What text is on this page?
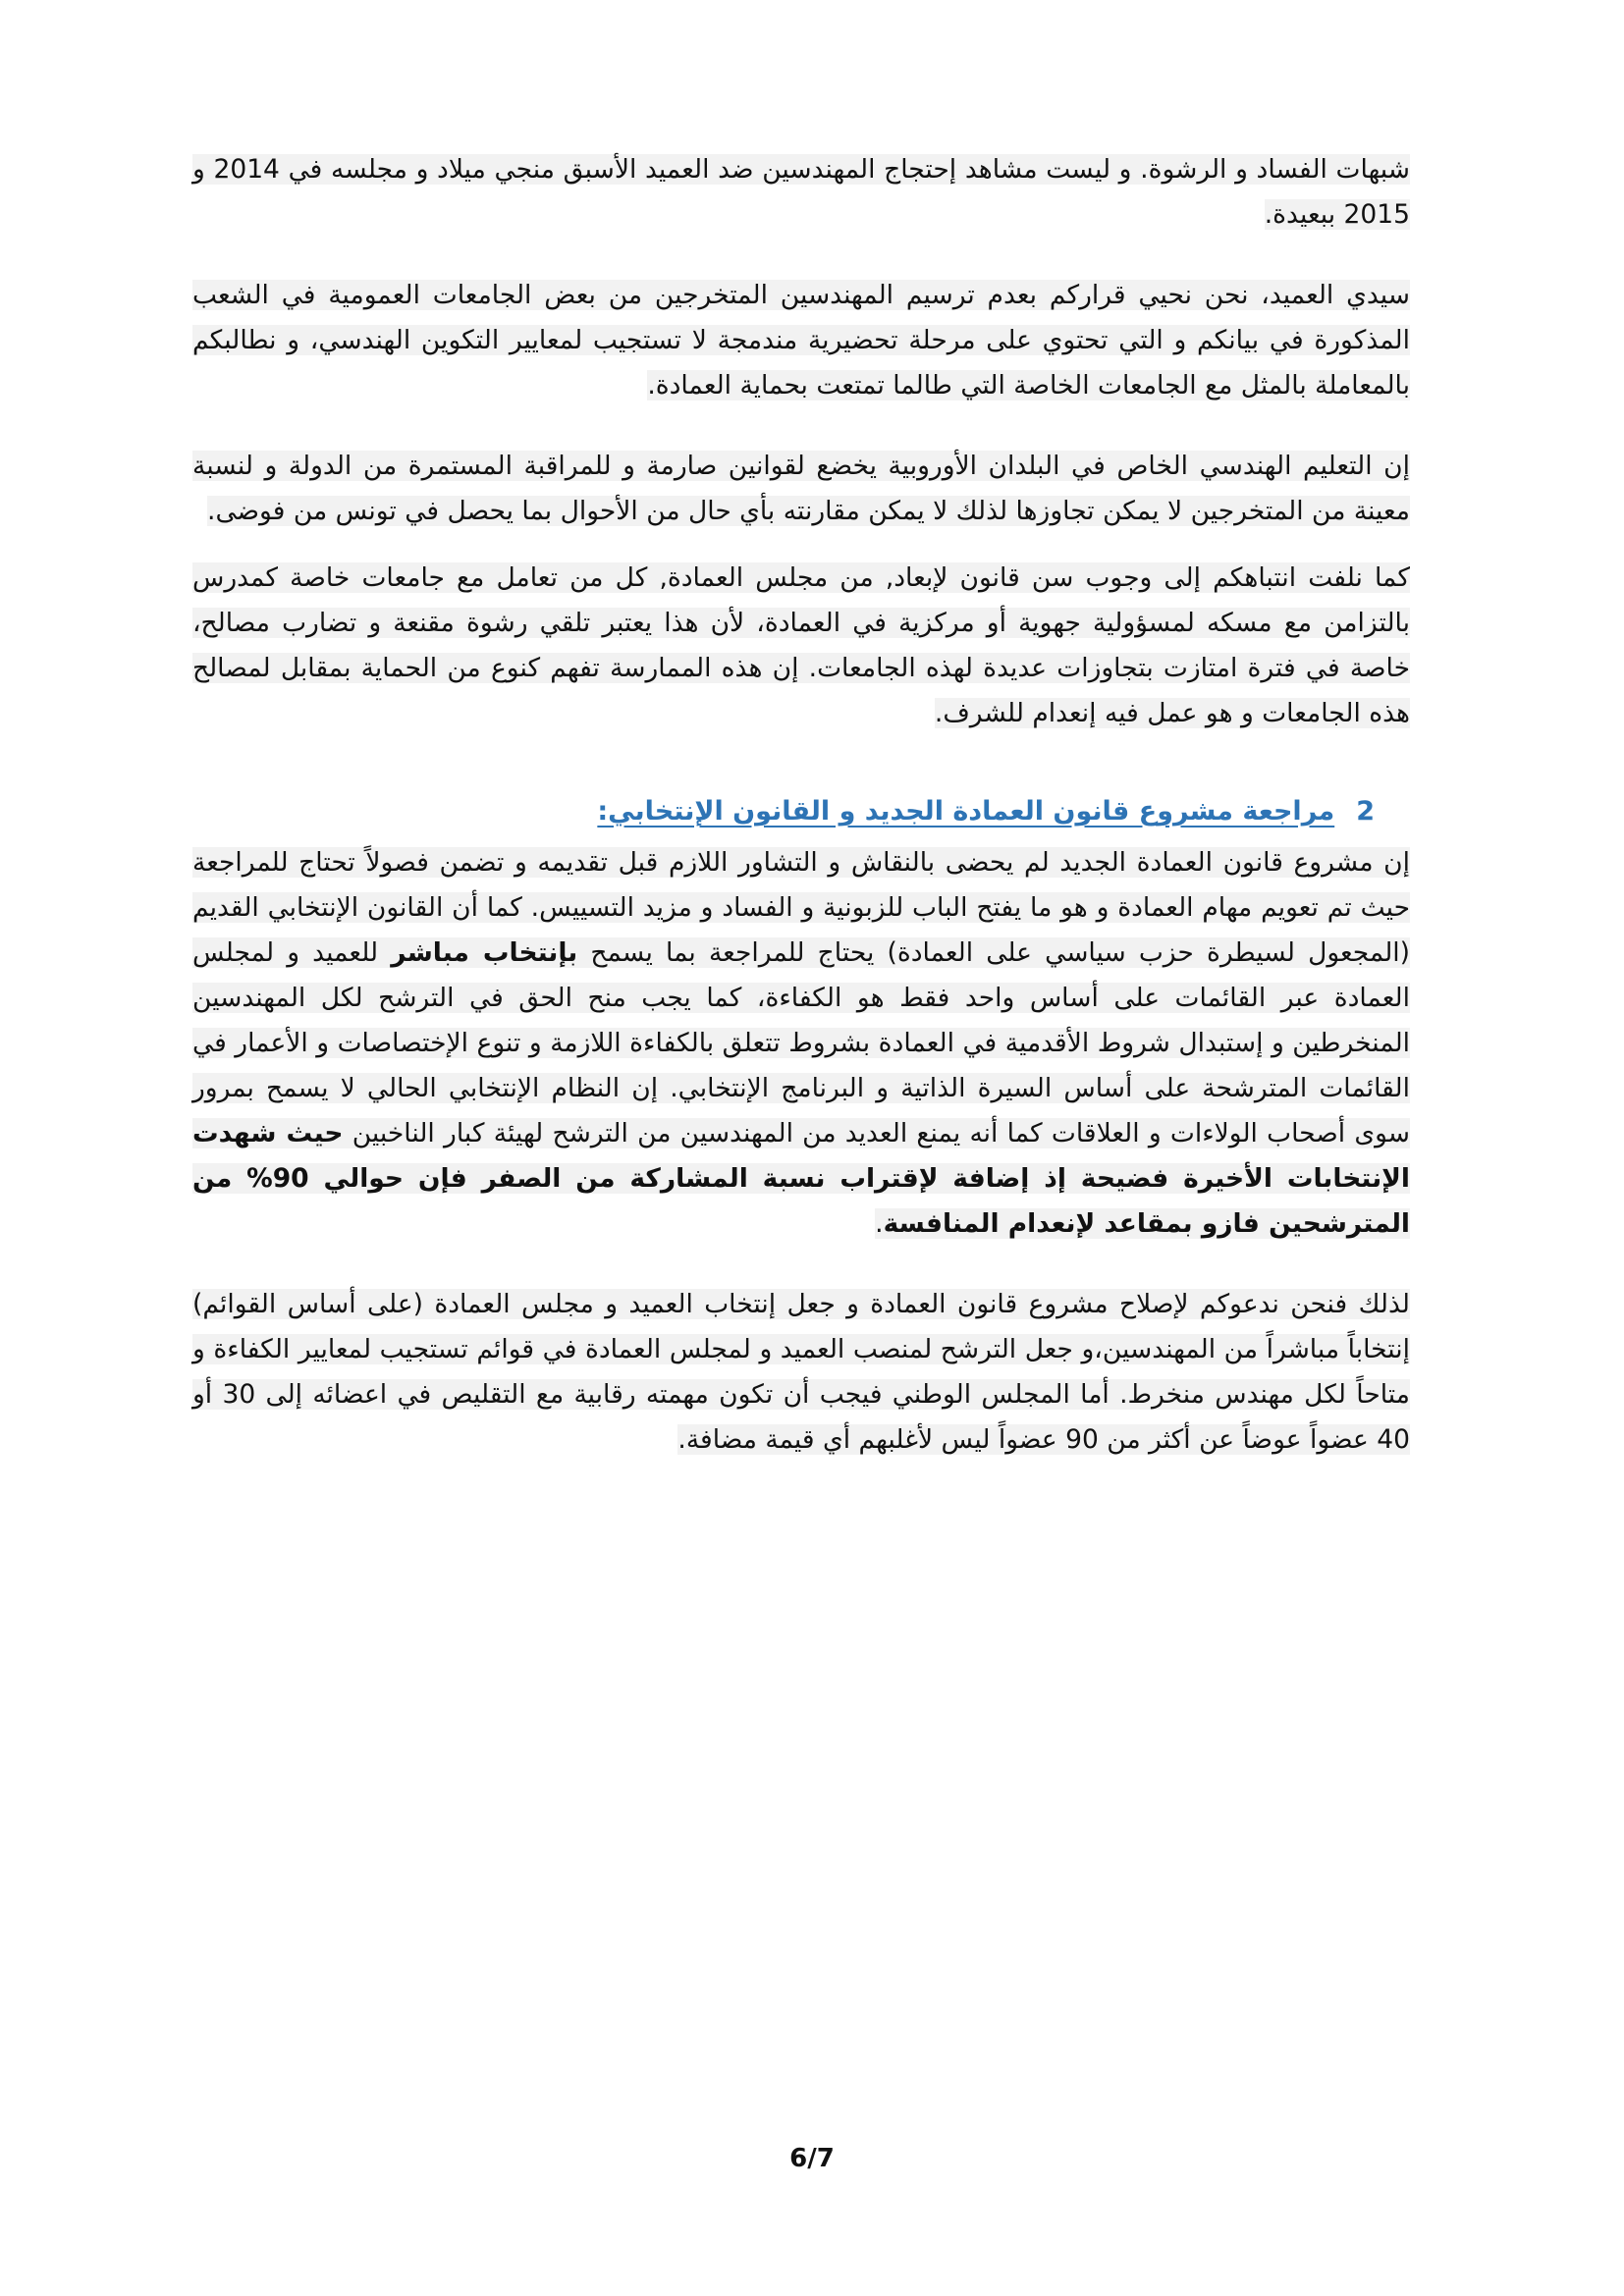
شبهات الفساد و الرشوة. و ليست مشاهد إحتجاج المهندسين ضد العميد الأسبق منجي ميلاد و مجلسه في 2014 و 2015 ببعيدة.

سيدي العميد، نحن نحيي قراركم بعدم ترسيم المهندسين المتخرجين من بعض الجامعات العمومية في الشعب المذكورة في بيانكم و التي تحتوي على مرحلة تحضيرية مندمجة لا تستجيب لمعايير التكوين الهندسي، و نطالبكم بالمعاملة بالمثل مع الجامعات الخاصة التي طالما تمتعت بحماية العمادة.

إن التعليم الهندسي الخاص في البلدان الأوروبية يخضع لقوانين صارمة و للمراقبة المستمرة من الدولة و لنسبة معينة من المتخرجين لا يمكن تجاوزها لذلك لا يمكن مقارنته بأي حال من الأحوال بما يحصل في تونس من فوضى.

كما نلفت انتباهكم إلى وجوب سن قانون لإبعاد, من مجلس العمادة, كل من تعامل مع جامعات خاصة كمدرس بالتزامن مع مسكه لمسؤولية جهوية أو مركزية في العمادة، لأن هذا يعتبر تلقي رشوة مقنعة و تضارب مصالح، خاصة في فترة امتازت بتجاوزات عديدة لهذه الجامعات. إن هذه الممارسة تفهم كنوع من الحماية بمقابل لمصالح هذه الجامعات و هو عمل فيه إنعدام للشرف.

2مراجعة مشروع قانون العمادة الجديد و القانون الإنتخابي:

إن مشروع قانون العمادة الجديد لم يحضى بالنقاش و التشاور اللازم قبل تقديمه و تضمن فصولاً تحتاج للمراجعة حيث تم تعويم مهام العمادة و هو ما يفتح الباب للزبونية و الفساد و مزيد التسييس. كما أن القانون الإنتخابي القديم (المجعول لسيطرة حزب سياسي على العمادة) يحتاج للمراجعة بما يسمح بإنتخاب مباشر للعميد و لمجلس العمادة عبر القائمات على أساس واحد فقط هو الكفاءة، كما يجب منح الحق في الترشح لكل المهندسين المنخرطين و إستبدال شروط الأقدمية في العمادة بشروط تتعلق بالكفاءة اللازمة و تنوع الإختصاصات و الأعمار في القائمات المترشحة على أساس السيرة الذاتية و البرنامج الإنتخابي. إن النظام الإنتخابي الحالي لا يسمح بمرور سوى أصحاب الولاءات و العلاقات كما أنه يمنع العديد من المهندسين من الترشح لهيئة كبار الناخبين حيث شهدت الإنتخابات الأخيرة فضيحة إذ إضافة لإقتراب نسبة المشاركة من الصفر فإن حوالي 90% من المترشحين فازو بمقاعد لإنعدام المنافسة.

لذلك فنحن ندعوكم لإصلاح مشروع قانون العمادة و جعل إنتخاب العميد و مجلس العمادة (على أساس القوائم) إنتخاباً مباشراً من المهندسين،و جعل الترشح لمنصب العميد و لمجلس العمادة في قوائم تستجيب لمعايير الكفاءة و متاحاً لكل مهندس منخرط. أما المجلس الوطني فيجب أن تكون مهمته رقابية مع التقليص في اعضائه إلى 30 أو 40 عضواً عوضاً عن أكثر من 90 عضواً ليس لأغلبهم أي قيمة مضافة.

6/7
